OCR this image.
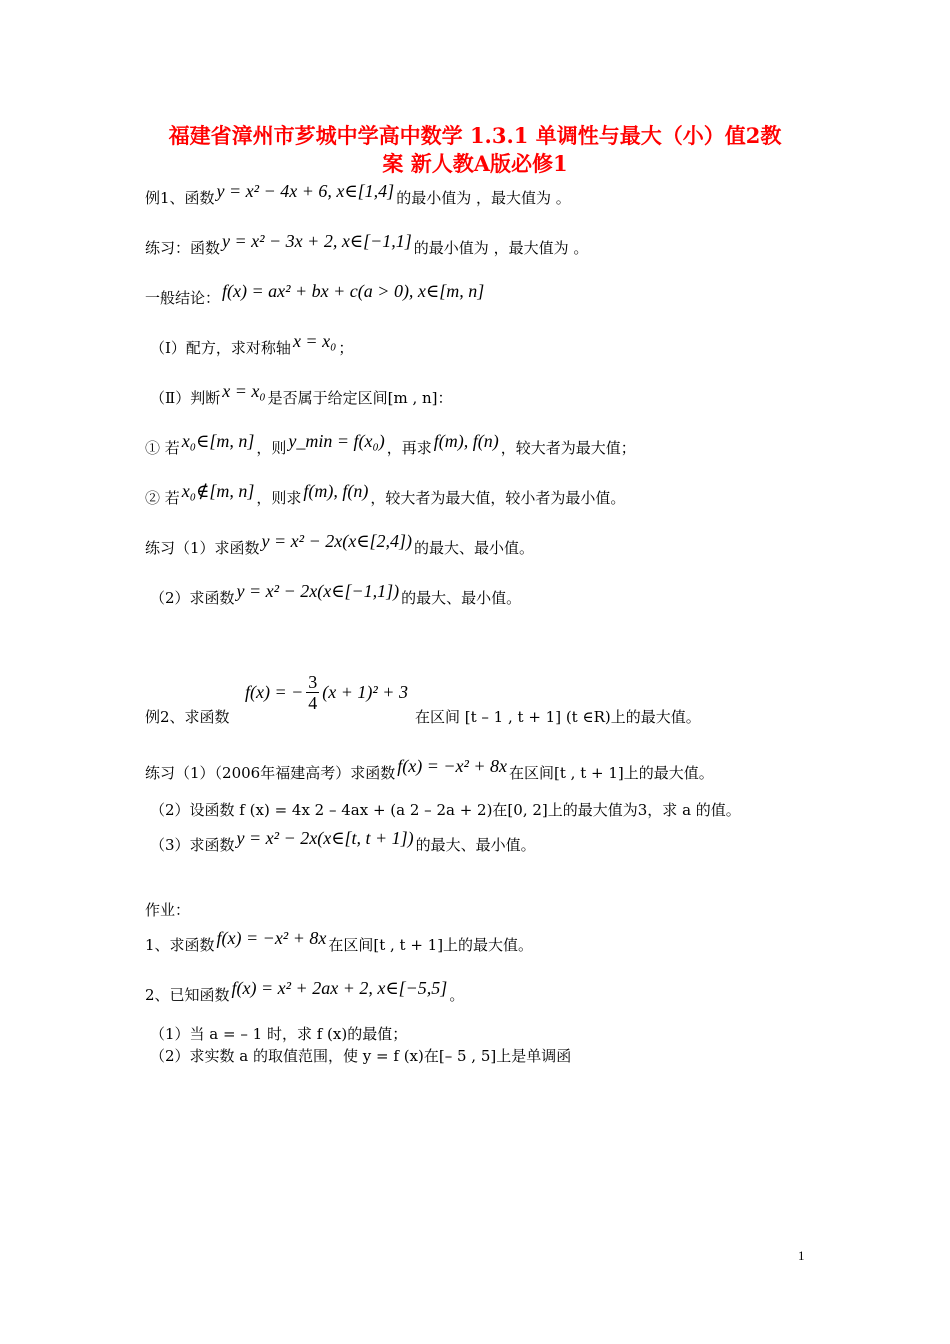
福建省漳州市芗城中学高中数学 1.3.1 单调性与最大（小）值2教
案 新人教A版必修1
例1、函数 y = x² − 4x + 6, x∈[1,4] 的最小值为 ，最大值为 。
练习：函数 y = x² − 3x + 2, x∈[−1,1] 的最小值为 ，最大值为 。
一般结论： f(x) = ax² + bx + c(a > 0), x∈[m, n]
（Ⅰ）配方，求对称轴 x = x₀ ；
（Ⅱ）判断 x = x₀ 是否属于给定区间[m , n]：
① 若 x₀∈[m, n] ，则 y_min = f(x₀) ，再求 f(m), f(n) ，较大者为最大值；
② 若 x₀∉[m, n] ，则求 f(m), f(n) ，较大者为最大值，较小者为最小值。
练习（1）求函数 y = x² − 2x(x∈[2,4]) 的最大、最小值。
（2）求函数 y = x² − 2x(x∈[−1,1]) 的最大、最小值。
例2、求函数
f(x) = − $\frac{3}{4} (x + 1)^2 + 3$
在区间 [t – 1 , t + 1] (t ∈R)上的最大值。
练习（1）（2006年福建高考）求函数 f(x) = −x² + 8x 在区间[t , t + 1]上的最大值。
（2）设函数 f (x) = 4x 2 – 4ax + (a 2 – 2a + 2)在[0, 2]上的最大值为3，求 a 的值。
（3）求函数 y = x² − 2x(x∈[t, t + 1]) 的最大、最小值。
作业：
1、求函数 f(x) = −x² + 8x 在区间[t , t + 1]上的最大值。
2、已知函数 f(x) = x² + 2ax + 2, x∈[−5,5] 。
（1）当 a = – 1 时，求 f (x)的最值；
（2）求实数 a 的取值范围，使 y = f (x)在[– 5 , 5]上是单调函
1
